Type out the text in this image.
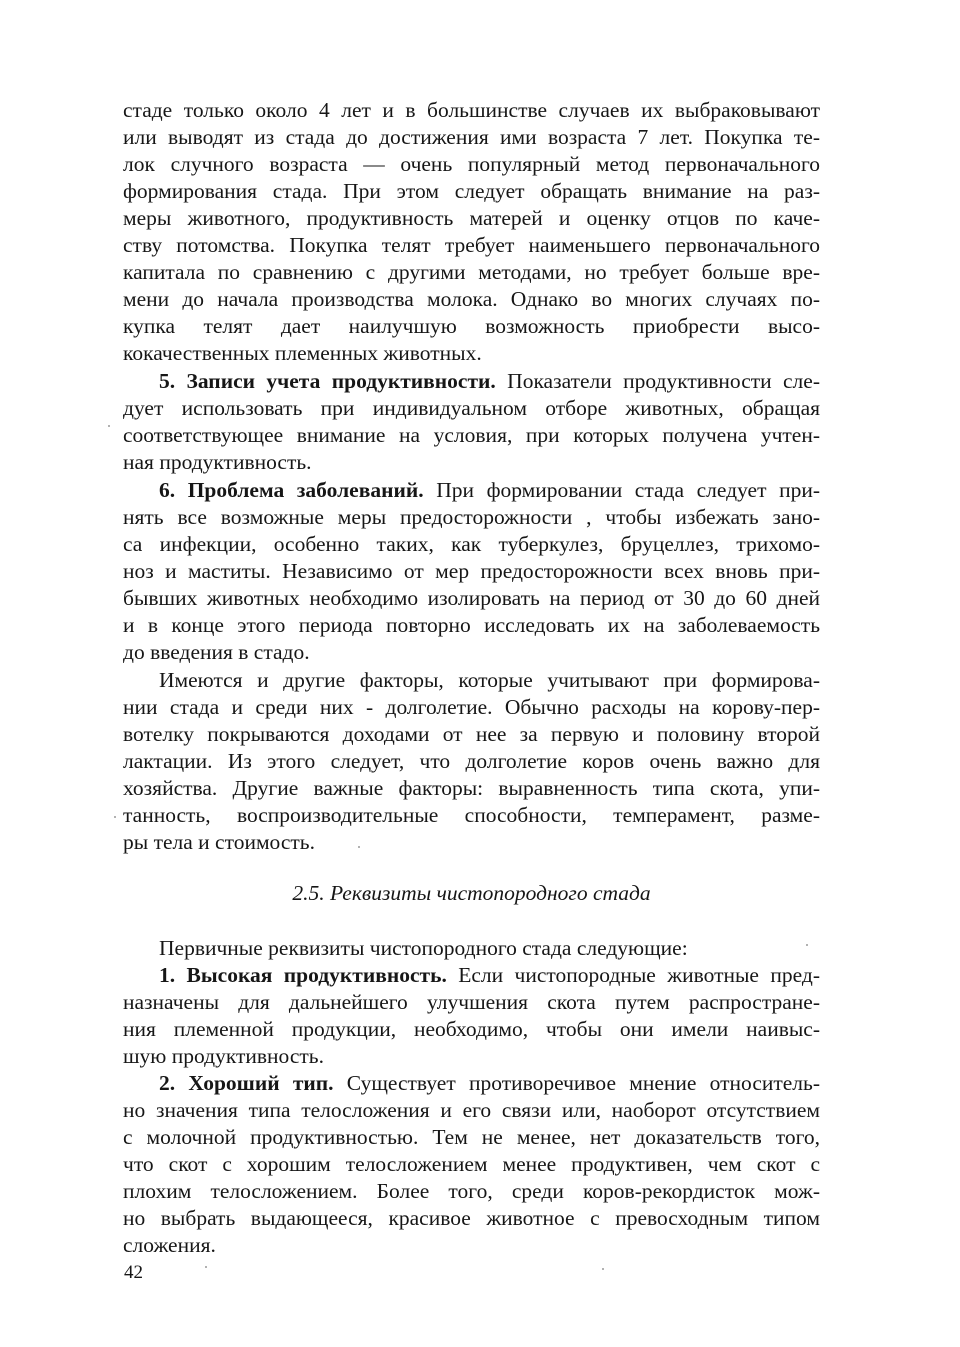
стаде только около 4 лет и в большинстве случаев их выбраковывают
или выводят из стада до достижения ими возраста 7 лет. Покупка те-
лок случного возраста — очень популярный метод первоначального
формирования стада. При этом следует обращать внимание на раз-
меры животного, продуктивность матерей и оценку отцов по каче-
ству потомства. Покупка телят требует наименьшего первоначального
капитала по сравнению с другими методами, но требует больше вре-
мени до начала производства молока. Однако во многих случаях по-
купка телят дает наилучшую возможность приобрести высо-
кокачественных племенных животных.
5. Записи учета продуктивности. Показатели продуктивности сле-
дует использовать при индивидуальном отборе животных, обращая
соответствующее внимание на условия, при которых получена учтен-
ная продуктивность.
6. Проблема заболеваний. При формировании стада следует при-
нять все возможные меры предосторожности , чтобы избежать зано-
са инфекции, особенно таких, как туберкулез, бруцеллез, трихомо-
ноз и маститы. Независимо от мер предосторожности всех вновь при-
бывших животных необходимо изолировать на период от 30 до 60 дней
и в конце этого периода повторно исследовать их на заболеваемость
до введения в стадо.
Имеются и другие факторы, которые учитывают при формирова-
нии стада и среди них - долголетие. Обычно расходы на корову-пер-
вотелку покрываются доходами от нее за первую и половину второй
лактации. Из этого следует, что долголетие коров очень важно для
хозяйства. Другие важные факторы: выравненность типа скота, упи-
танность, воспроизводительные способности, темперамент, разме-
ры тела и стоимость.
2.5. Реквизиты чистопородного стада
Первичные реквизиты чистопородного стада следующие:
1. Высокая продуктивность. Если чистопородные животные пред-
назначены для дальнейшего улучшения скота путем распростране-
ния племенной продукции, необходимо, чтобы они имели наивыс-
шую продуктивность.
2. Хороший тип. Существует противоречивое мнение относитель-
но значения типа телосложения и его связи или, наоборот отсутствием
с молочной продуктивностью. Тем не менее, нет доказательств того,
что скот с хорошим телосложением менее продуктивен, чем скот с
плохим телосложением. Более того, среди коров-рекордисток мож-
но выбрать выдающееся, красивое животное с превосходным типом
сложения.
42
